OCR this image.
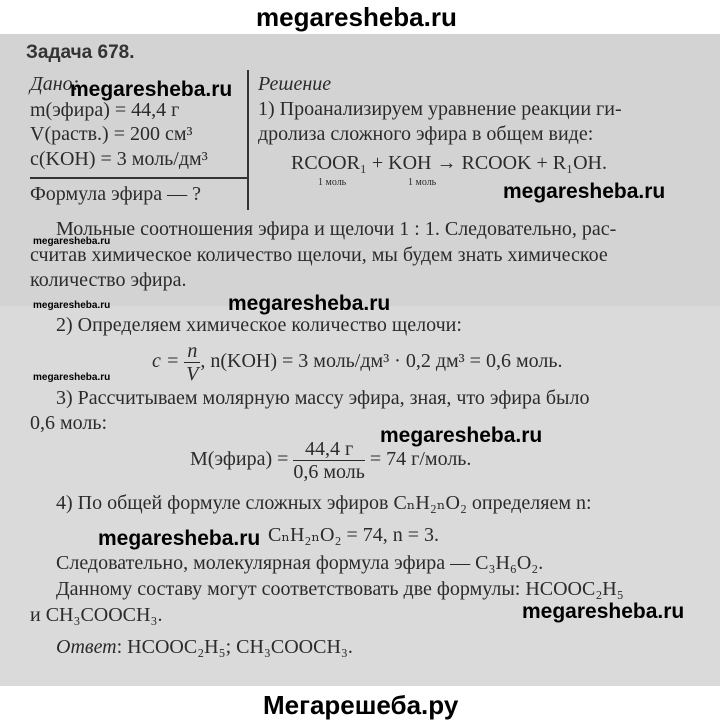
megaresheba.ru
Задача 678.
Дано:
m(эфира) = 44,4 г
V(раств.) = 200 см³
c(KOH) = 3 моль/дм³
Формула эфира — ?
Решение
1) Проанализируем уравнение реакции ги-
дролиза сложного эфира в общем виде:
RCOOR₁ + KOH → RCOOK + R₁OH.
1 моль	1 моль
Мольные соотношения эфира и щелочи 1 : 1. Следовательно, рас-
считав химическое количество щелочи, мы будем знать химическое
количество эфира.
2) Определяем химическое количество щелочи:
$c = \frac{n}{V}$ , n(KOH) = 3 моль/дм³ · 0,2 дм³ = 0,6 моль.
3) Рассчитываем молярную массу эфира, зная, что эфира было
0,6 моль:
M(эфира) = $\frac{44,4 г}{\text{0,6 моль}} = 74$ г/моль.
4) По общей формуле сложных эфиров CₙH₂ₙO₂ определяем n:
CₙH₂ₙO₂ = 74, n = 3.
Следовательно, молекулярная формула эфира — C₃H₆O₂.
Данному составу могут соответствовать две формулы: HCOOC₂H₅
и CH₃COOCH₃.
Ответ: HCOOC₂H₅; CH₃COOCH₃.
megaresheba.ru
megaresheba.ru
megaresheba.ru
megaresheba.ru
megaresheba.ru
megaresheba.ru
megaresheba.ru
megaresheba.ru
megaresheba.ru
Мегарешеба.ру
